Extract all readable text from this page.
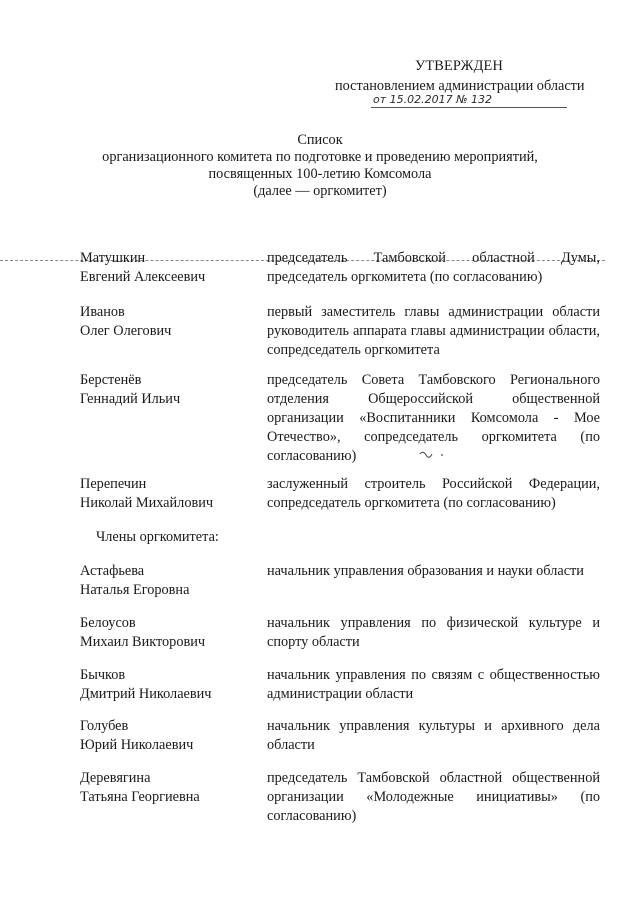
УТВЕРЖДЕН
постановлением администрации области
от 15.02.2017 № 132
Список
организационного комитета по подготовке и проведению мероприятий,
посвященных 100-летию Комсомола
(далее — оргкомитет)
Матушкин
Евгений Алексеевич
председатель Тамбовской областной Думы, председатель оргкомитета (по согласованию)
Иванов
Олег Олегович
первый заместитель главы администрации области руководитель аппарата главы администрации области, сопредседатель оргкомитета
Берстенёв
Геннадий Ильич
председатель Совета Тамбовского Регионального отделения Общероссийской общественной организации «Воспитанники Комсомола - Мое Отечество», сопредседатель оргкомитета (по согласованию)
Перепечин
Николай Михайлович
заслуженный строитель Российской Федерации, сопредседатель оргкомитета (по согласованию)
Члены оргкомитета:
Астафьева
Наталья Егоровна
начальник управления образования и науки области
Белоусов
Михаил Викторович
начальник управления по физической культуре и спорту области
Бычков
Дмитрий Николаевич
начальник управления по связям с общественностью администрации области
Голубев
Юрий Николаевич
начальник управления культуры и архивного дела области
Деревягина
Татьяна Георгиевна
председатель Тамбовской областной общественной организации «Молодежные инициативы» (по согласованию)
